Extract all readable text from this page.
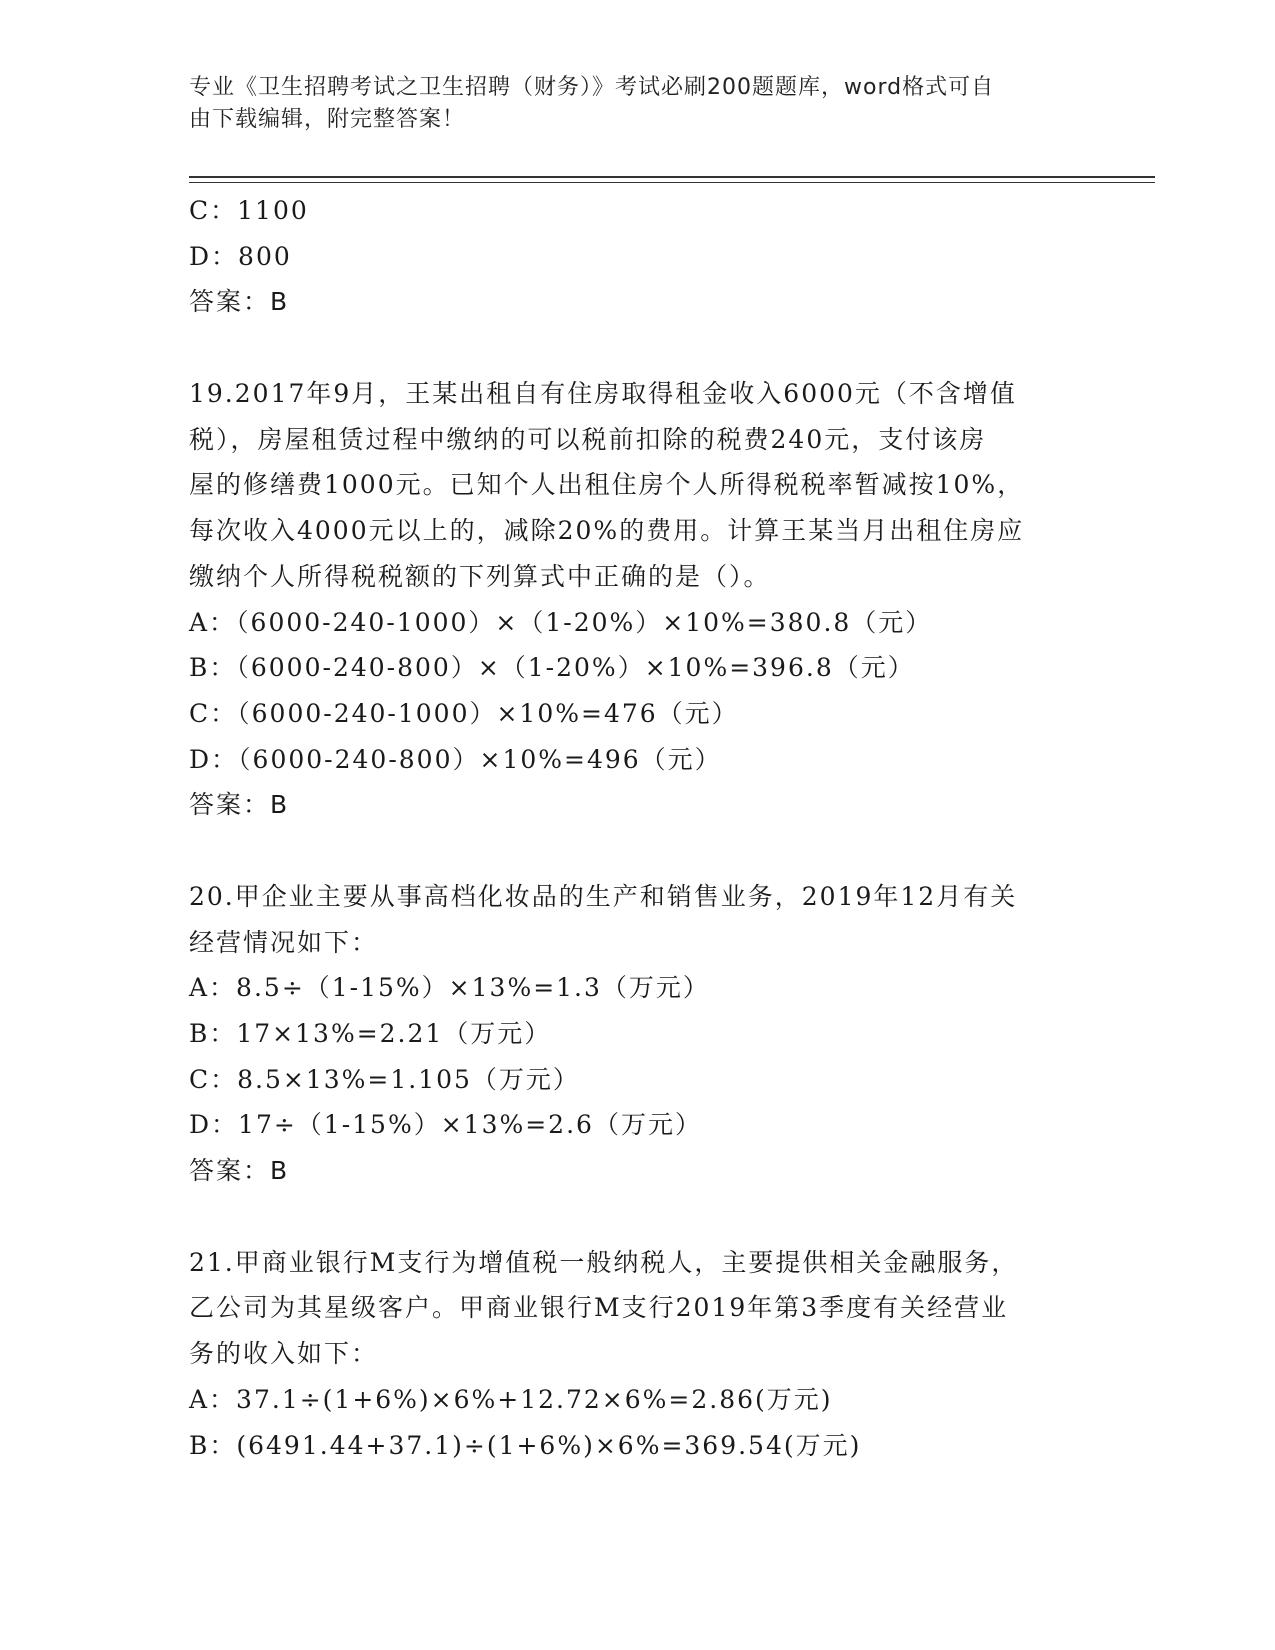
专业《卫生招聘考试之卫生招聘（财务）》考试必刷200题题库，word格式可自
由下载编辑，附完整答案！
C：1100
D：800
答案：B
19.2017年9月，王某出租自有住房取得租金收入6000元（不含增值
税），房屋租赁过程中缴纳的可以税前扣除的税费240元，支付该房
屋的修缮费1000元。已知个人出租住房个人所得税税率暂减按10%，
每次收入4000元以上的，减除20%的费用。计算王某当月出租住房应
缴纳个人所得税税额的下列算式中正确的是（）。
A：（6000-240-1000）×（1-20%）×10%=380.8（元）
B：（6000-240-800）×（1-20%）×10%=396.8（元）
C：（6000-240-1000）×10%=476（元）
D：（6000-240-800）×10%=496（元）
答案：B
20.甲企业主要从事高档化妆品的生产和销售业务，2019年12月有关
经营情况如下：
A：8.5÷（1-15%）×13%=1.3（万元）
B：17×13%=2.21（万元）
C：8.5×13%=1.105（万元）
D：17÷（1-15%）×13%=2.6（万元）
答案：B
21.甲商业银行M支行为增值税一般纳税人，主要提供相关金融服务，
乙公司为其星级客户。甲商业银行M支行2019年第3季度有关经营业
务的收入如下：
A：37.1÷(1+6%)×6%+12.72×6%=2.86(万元)
B：(6491.44+37.1)÷(1+6%)×6%=369.54(万元)
